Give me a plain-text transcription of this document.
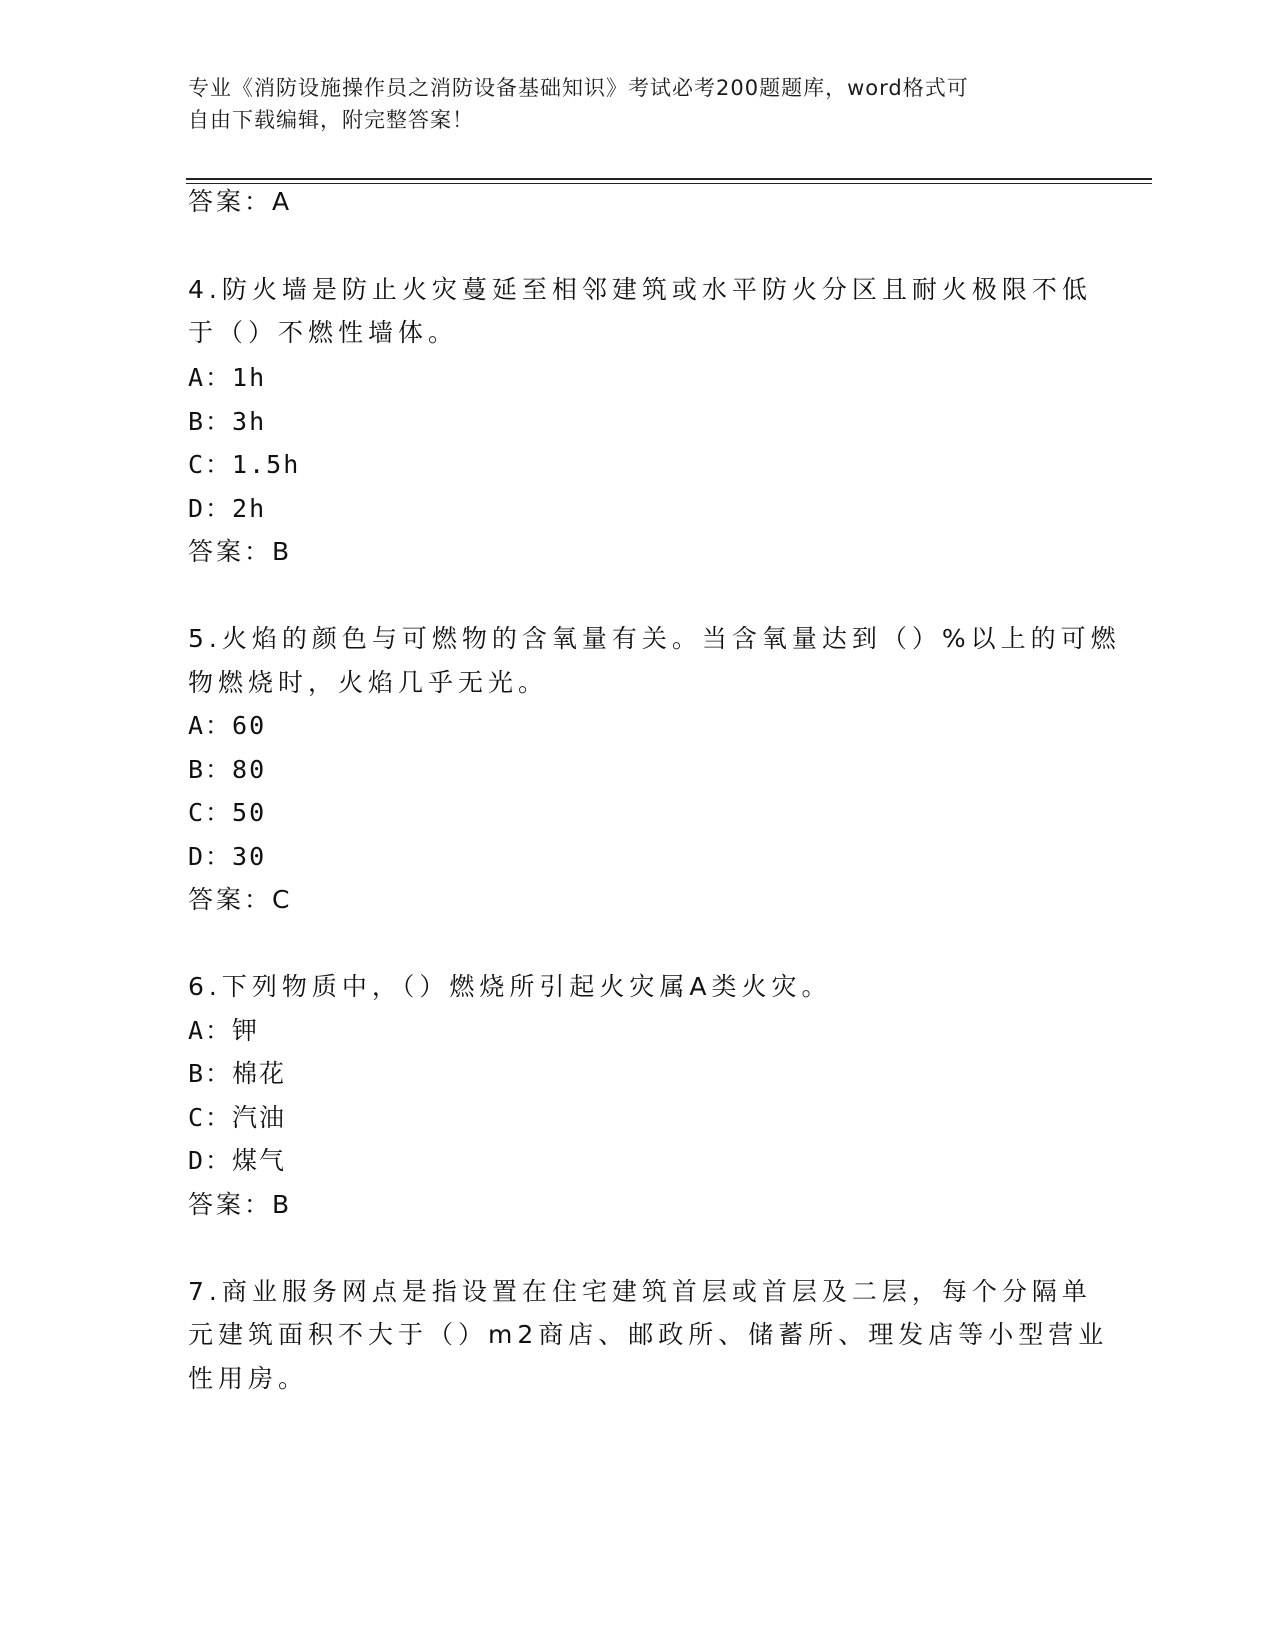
专业《消防设施操作员之消防设备基础知识》考试必考200题题库，word格式可
自由下载编辑，附完整答案！
答案：A
4.防火墙是防止火灾蔓延至相邻建筑或水平防火分区且耐火极限不低
于（）不燃性墙体。
A：1h
B：3h
C：1.5h
D：2h
答案：B
5.火焰的颜色与可燃物的含氧量有关。当含氧量达到（）%以上的可燃
物燃烧时，火焰几乎无光。
A：60
B：80
C：50
D：30
答案：C
6.下列物质中，（）燃烧所引起火灾属A类火灾。
A：钾
B：棉花
C：汽油
D：煤气
答案：B
7.商业服务网点是指设置在住宅建筑首层或首层及二层，每个分隔单
元建筑面积不大于（）m2商店、邮政所、储蓄所、理发店等小型营业
性用房。
